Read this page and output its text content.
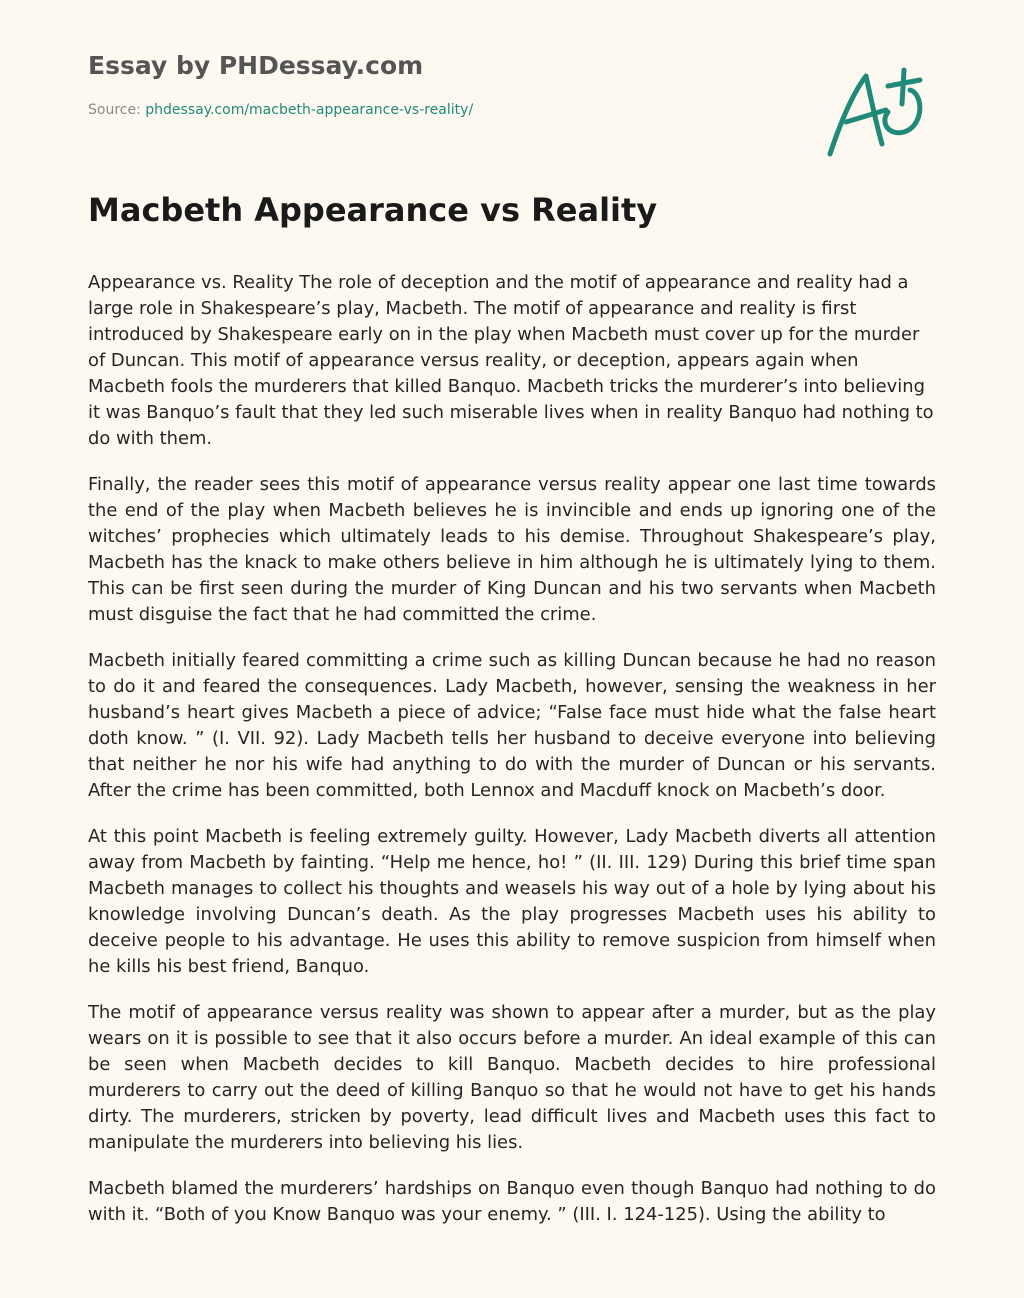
Essay by PHDessay.com
Source: phdessay.com/macbeth-appearance-vs-reality/
Macbeth Appearance vs Reality

Appearance vs. Reality The role of deception and the motif of appearance and reality had a large role in Shakespeare’s play, Macbeth. The motif of appearance and reality is first introduced by Shakespeare early on in the play when Macbeth must cover up for the murder of Duncan. This motif of appearance versus reality, or deception, appears again when Macbeth fools the murderers that killed Banquo. Macbeth tricks the murderer’s into believing it was Banquo’s fault that they led such miserable lives when in reality Banquo had nothing to do with them.

Finally, the reader sees this motif of appearance versus reality appear one last time towards the end of the play when Macbeth believes he is invincible and ends up ignoring one of the witches’ prophecies which ultimately leads to his demise. Throughout Shakespeare’s play, Macbeth has the knack to make others believe in him although he is ultimately lying to them. This can be first seen during the murder of King Duncan and his two servants when Macbeth must disguise the fact that he had committed the crime.

Macbeth initially feared committing a crime such as killing Duncan because he had no reason to do it and feared the consequences. Lady Macbeth, however, sensing the weakness in her husband’s heart gives Macbeth a piece of advice; “False face must hide what the false heart doth know. ” (I. VII. 92). Lady Macbeth tells her husband to deceive everyone into believing that neither he nor his wife had anything to do with the murder of Duncan or his servants. After the crime has been committed, both Lennox and Macduff knock on Macbeth’s door.

At this point Macbeth is feeling extremely guilty. However, Lady Macbeth diverts all attention away from Macbeth by fainting. “Help me hence, ho! ” (II. III. 129) During this brief time span Macbeth manages to collect his thoughts and weasels his way out of a hole by lying about his knowledge involving Duncan’s death. As the play progresses Macbeth uses his ability to deceive people to his advantage. He uses this ability to remove suspicion from himself when he kills his best friend, Banquo.

The motif of appearance versus reality was shown to appear after a murder, but as the play wears on it is possible to see that it also occurs before a murder. An ideal example of this can be seen when Macbeth decides to kill Banquo. Macbeth decides to hire professional murderers to carry out the deed of killing Banquo so that he would not have to get his hands dirty. The murderers, stricken by poverty, lead difficult lives and Macbeth uses this fact to manipulate the murderers into believing his lies.

Macbeth blamed the murderers’ hardships on Banquo even though Banquo had nothing to do with it. “Both of you Know Banquo was your enemy. ” (III. I. 124-125). Using the ability to
